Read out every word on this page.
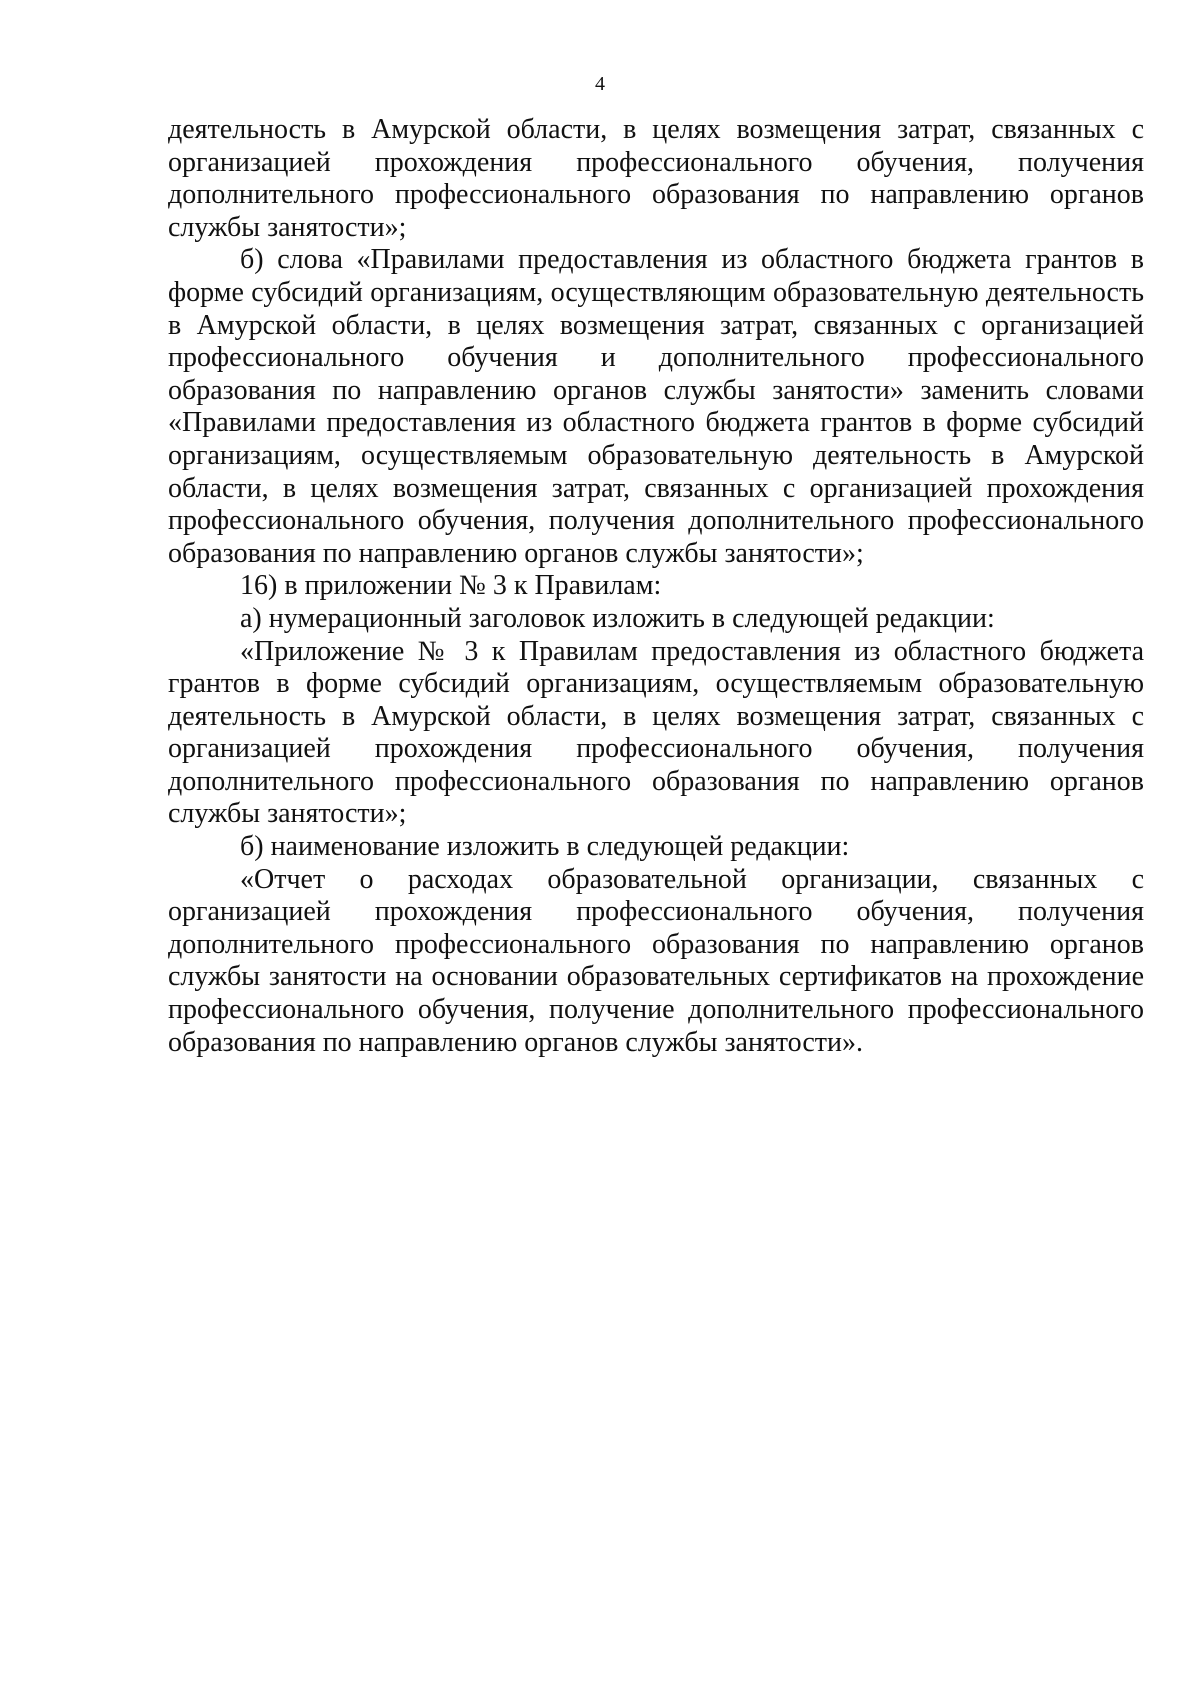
4

деятельность в Амурской области, в целях возмещения затрат, связанных с организацией прохождения профессионального обучения, получения дополнительного профессионального образования по направлению органов службы занятости»;

б) слова «Правилами предоставления из областного бюджета грантов в форме субсидий организациям, осуществляющим образовательную деятельность в Амурской области, в целях возмещения затрат, связанных с организацией профессионального обучения и дополнительного профессионального образования по направлению органов службы занятости» заменить словами «Правилами предоставления из областного бюджета грантов в форме субсидий организациям, осуществляемым образовательную деятельность в Амурской области, в целях возмещения затрат, связанных с организацией прохождения профессионального обучения, получения дополнительного профессионального образования по направлению органов службы занятости»;

16) в приложении № 3 к Правилам:

а) нумерационный заголовок изложить в следующей редакции:

«Приложение № 3 к Правилам предоставления из областного бюджета грантов в форме субсидий организациям, осуществляемым образовательную деятельность в Амурской области, в целях возмещения затрат, связанных с организацией прохождения профессионального обучения, получения дополнительного профессионального образования по направлению органов службы занятости»;

б) наименование изложить в следующей редакции:

«Отчет о расходах образовательной организации, связанных с организацией прохождения профессионального обучения, получения дополнительного профессионального образования по направлению органов службы занятости на основании образовательных сертификатов на прохождение профессионального обучения, получение дополнительного профессионального образования по направлению органов службы занятости».
